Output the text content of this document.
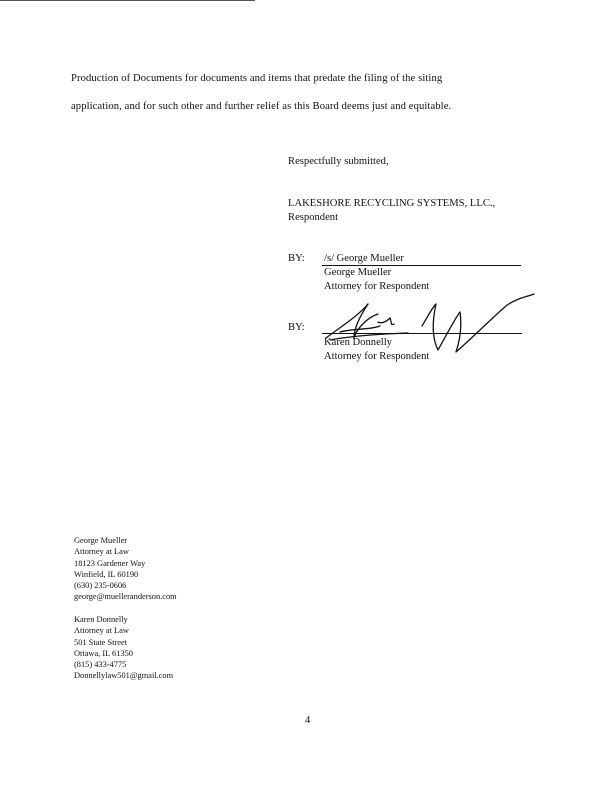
Production of Documents for documents and items that predate the filing of the siting
application, and for such other and further relief as this Board deems just and equitable.
Respectfully submitted,
LAKESHORE RECYCLING SYSTEMS, LLC.,
Respondent
BY: /s/ George Mueller
George Mueller
Attorney for Respondent
BY:
Karen Donnelly
Attorney for Respondent
George Mueller
Attorney at Law
18123 Gardener Way
Winfield, IL 60190
(630) 235-0606
george@muelleranderson.com
Karen Donnelly
Attorney at Law
501 State Street
Ottawa, IL 61350
(815) 433-4775
Donnellylaw501@gmail.com
4
